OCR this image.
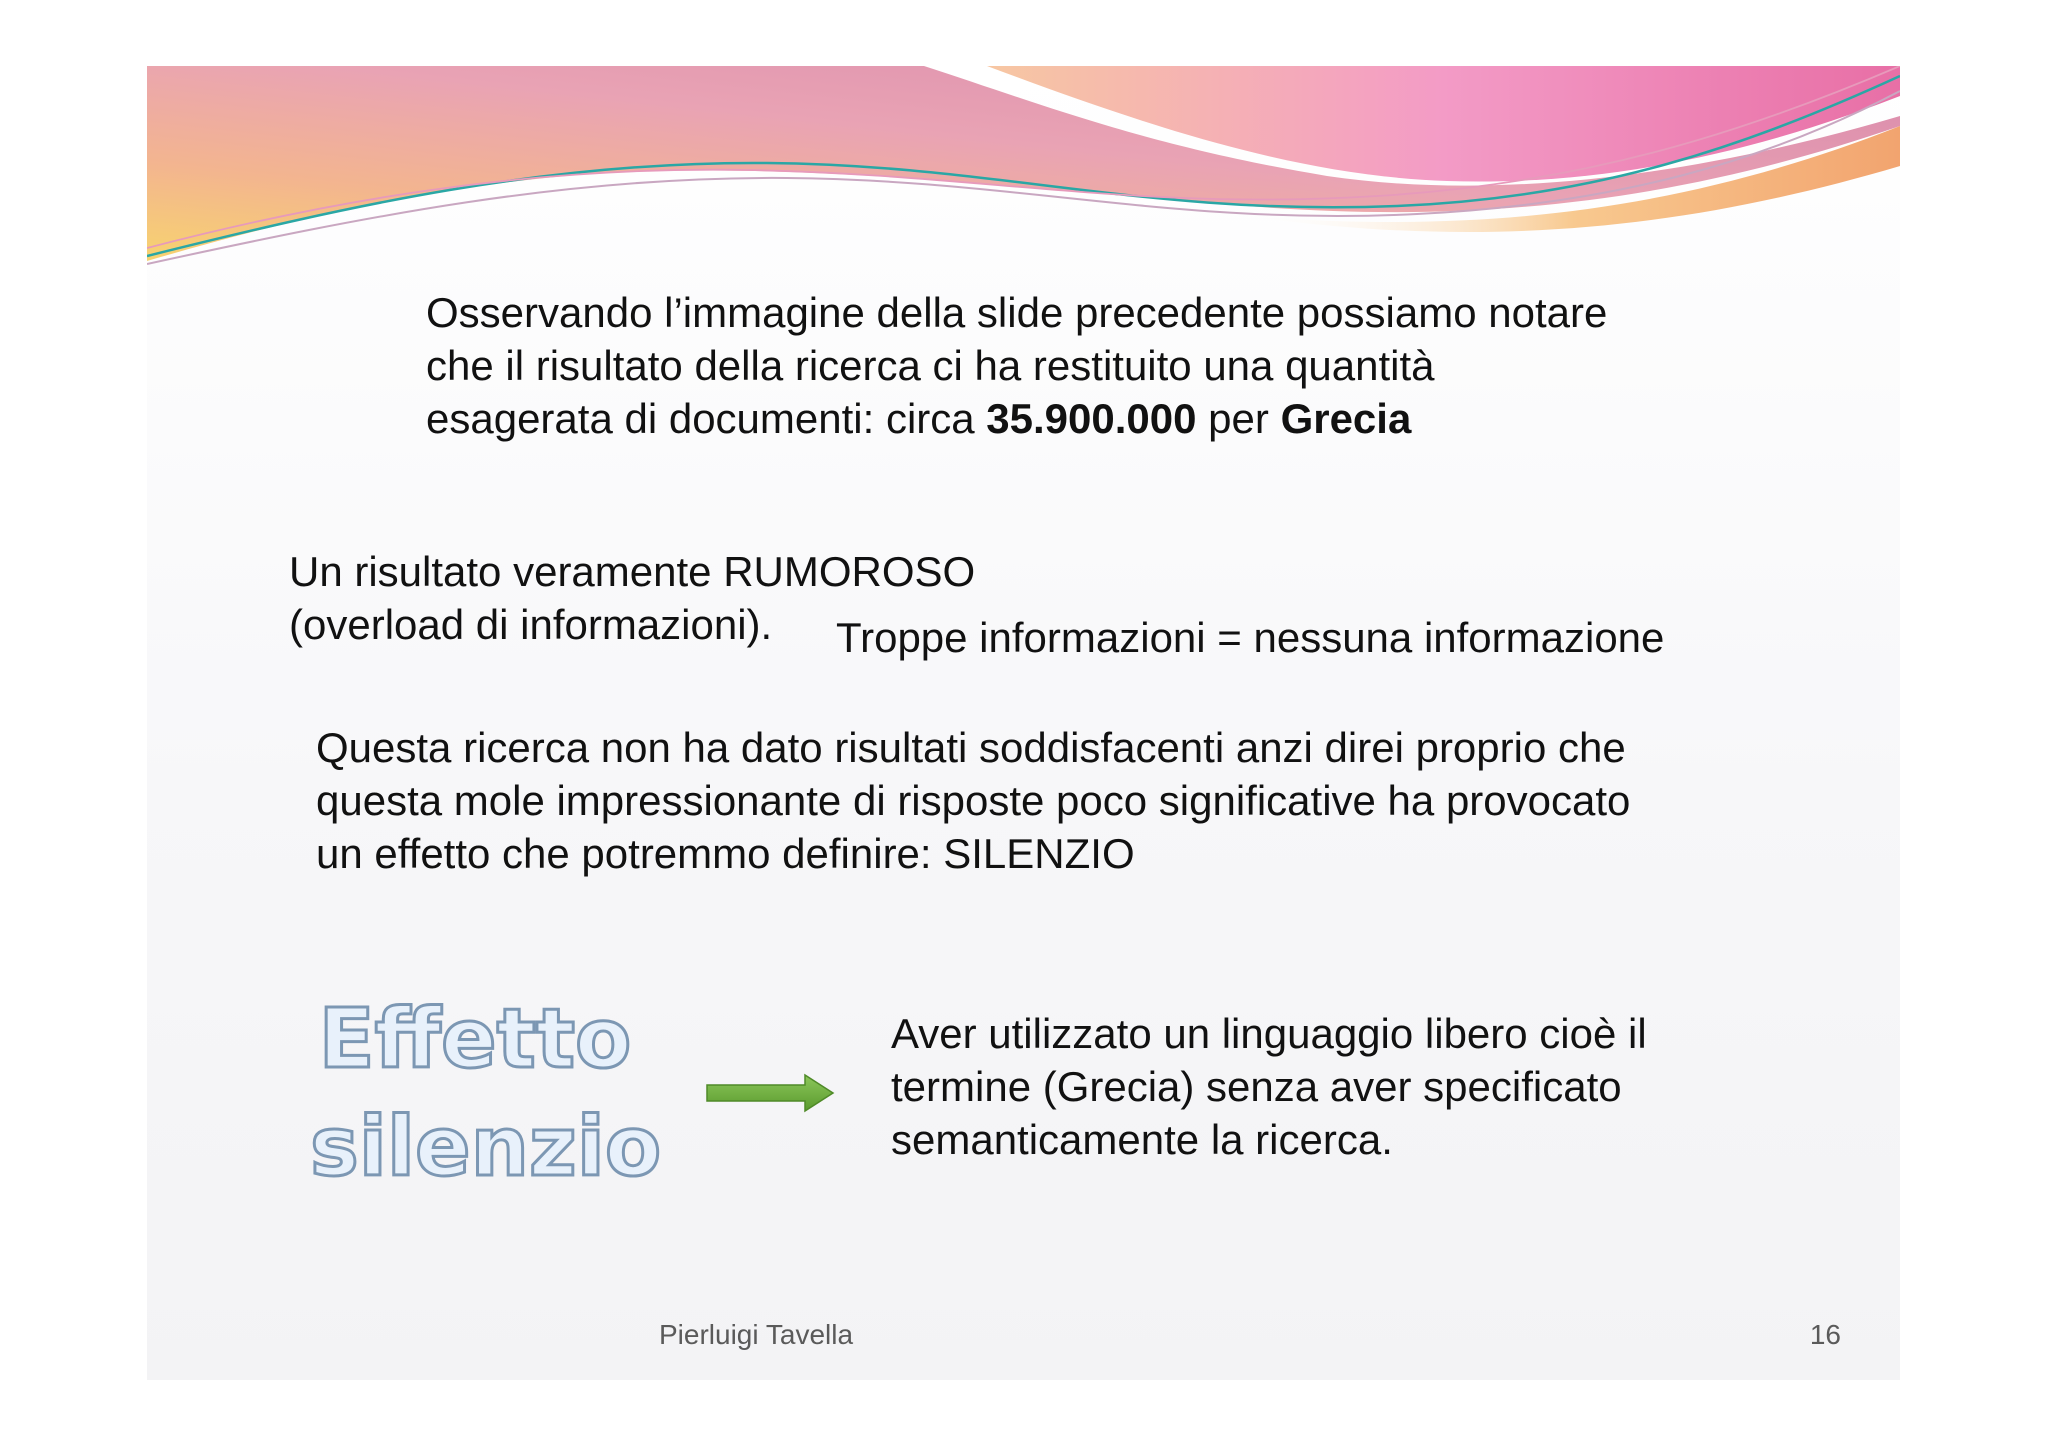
Osservando l’immagine della slide precedente possiamo notare
che il risultato della ricerca ci ha restituito una quantità
esagerata di documenti: circa 35.900.000 per Grecia

Un risultato veramente RUMOROSO
(overload di informazioni).	Troppe informazioni = nessuna informazione

Questa ricerca non ha dato risultati soddisfacenti anzi direi proprio che
questa mole impressionante di risposte poco significative ha provocato
un effetto che potremmo definire: SILENZIO

Effetto
silenzio

Aver utilizzato un linguaggio libero cioè il
termine (Grecia) senza aver specificato
semanticamente la ricerca.

Pierluigi Tavella	16
